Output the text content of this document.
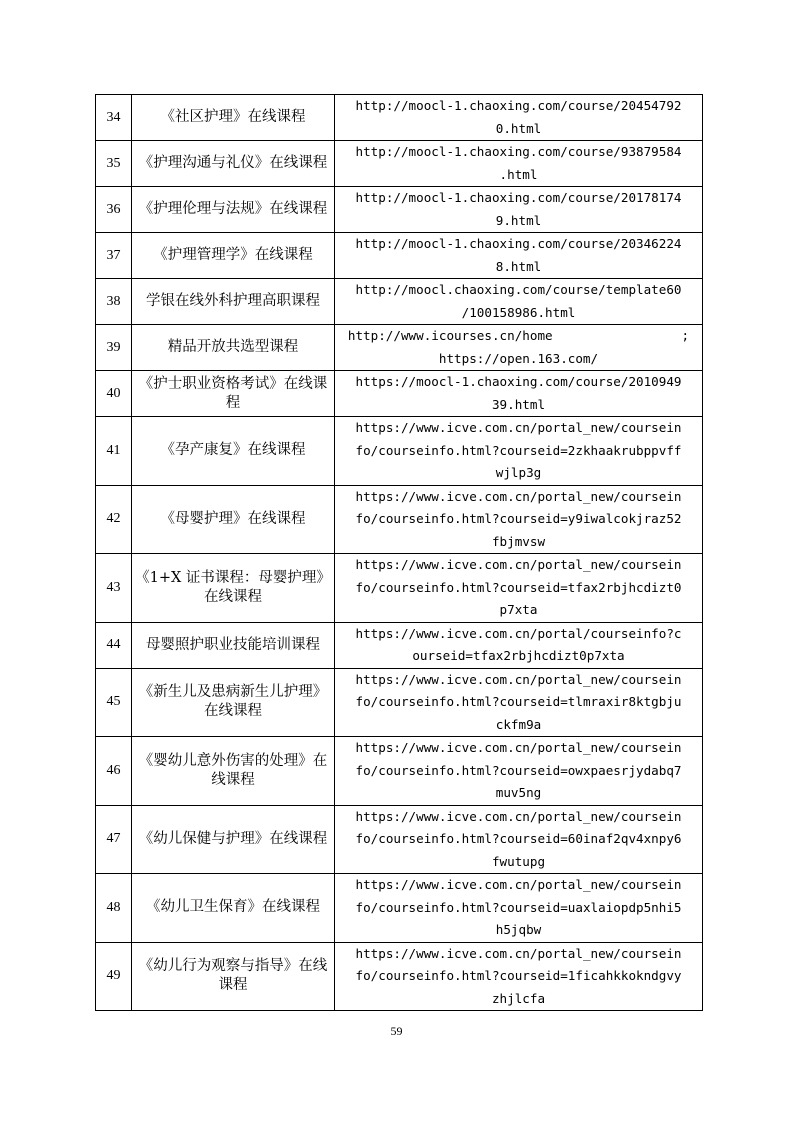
34	《社区护理》在线课程	http://moocl-1.chaoxing.com/course/20454792
0.html

35	《护理沟通与礼仪》在线课程	http://moocl-1.chaoxing.com/course/93879584
.html

36	《护理伦理与法规》在线课程	http://moocl-1.chaoxing.com/course/20178174
9.html

37	《护理管理学》在线课程	http://moocl-1.chaoxing.com/course/20346224
8.html

38	学银在线外科护理高职课程	http://moocl.chaoxing.com/course/template60
/100158986.html

39	精品开放共选型课程	http://www.icourses.cn/home                 ;
https://open.163.com/

40	《护士职业资格考试》在线课程	https://moocl-1.chaoxing.com/course/2010949
39.html

41	《孕产康复》在线课程	https://www.icve.com.cn/portal_new/coursein
fo/courseinfo.html?courseid=2zkhaakrubppvff
wjlp3g

42	《母婴护理》在线课程	https://www.icve.com.cn/portal_new/coursein
fo/courseinfo.html?courseid=y9iwalcokjraz52
fbjmvsw

43	《1+X 证书课程：母婴护理》在线课程	https://www.icve.com.cn/portal_new/coursein
fo/courseinfo.html?courseid=tfax2rbjhcdizt0
p7xta

44	母婴照护职业技能培训课程	https://www.icve.com.cn/portal/courseinfo?c
ourseid=tfax2rbjhcdizt0p7xta

45	《新生儿及患病新生儿护理》在线课程	https://www.icve.com.cn/portal_new/coursein
fo/courseinfo.html?courseid=tlmraxir8ktgbju
ckfm9a

46	《婴幼儿意外伤害的处理》在线课程	https://www.icve.com.cn/portal_new/coursein
fo/courseinfo.html?courseid=owxpaesrjydabq7
muv5ng

47	《幼儿保健与护理》在线课程	https://www.icve.com.cn/portal_new/coursein
fo/courseinfo.html?courseid=60inaf2qv4xnpy6
fwutupg

48	《幼儿卫生保育》在线课程	https://www.icve.com.cn/portal_new/coursein
fo/courseinfo.html?courseid=uaxlaiopdp5nhi5
h5jqbw

49	《幼儿行为观察与指导》在线课程	https://www.icve.com.cn/portal_new/coursein
fo/courseinfo.html?courseid=1ficahkkokndgvy
zhjlcfa
59
